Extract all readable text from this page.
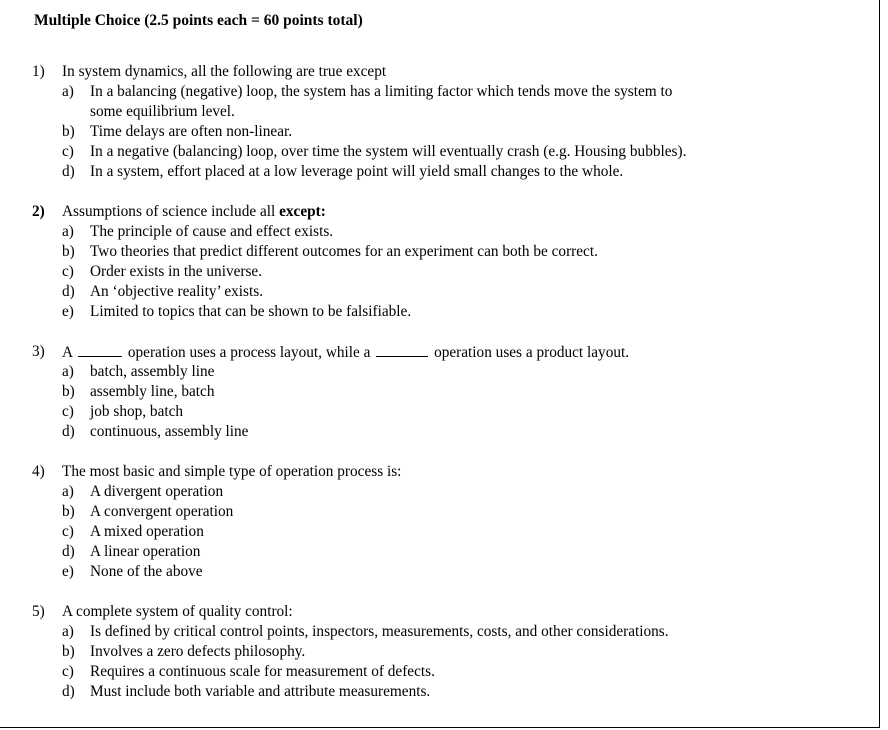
Multiple Choice (2.5 points each = 60 points total)
1) In system dynamics, all the following are true except
a) In a balancing (negative) loop, the system has a limiting factor which tends move the system to
some equilibrium level.
b) Time delays are often non-linear.
c) In a negative (balancing) loop, over time the system will eventually crash (e.g. Housing bubbles).
d) In a system, effort placed at a low leverage point will yield small changes to the whole.
2) Assumptions of science include all except:
a) The principle of cause and effect exists.
b) Two theories that predict different outcomes for an experiment can both be correct.
c) Order exists in the universe.
d) An ‘objective reality’ exists.
e) Limited to topics that can be shown to be falsifiable.
3) A	operation uses a process layout, while a	operation uses a product layout.
a) batch, assembly line
b) assembly line, batch
c) job shop, batch
d) continuous, assembly line
4) The most basic and simple type of operation process is:
a) A divergent operation
b) A convergent operation
c) A mixed operation
d) A linear operation
e) None of the above
5) A complete system of quality control:
a) Is defined by critical control points, inspectors, measurements, costs, and other considerations.
b) Involves a zero defects philosophy.
c) Requires a continuous scale for measurement of defects.
d) Must include both variable and attribute measurements.
